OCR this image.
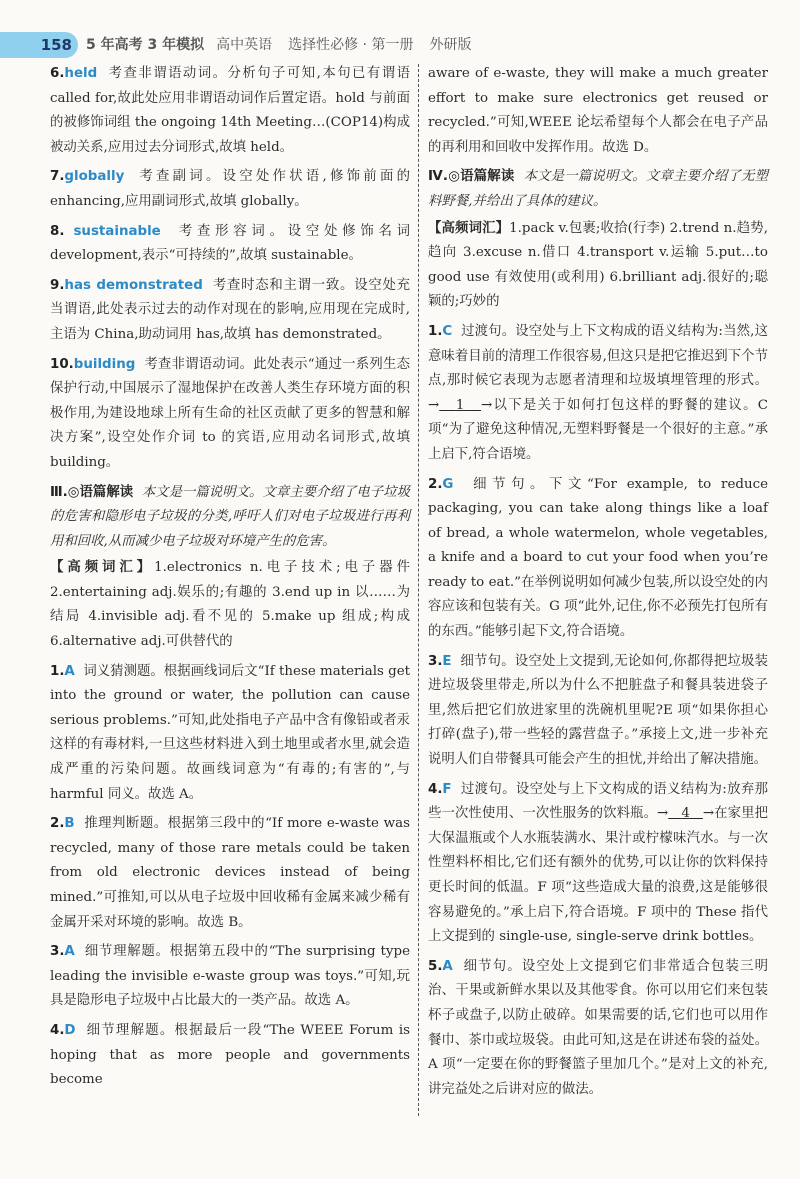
158	5 年高考 3 年模拟 高中英语 选择性必修 · 第一册 外研版
6.held 考查非谓语动词。分析句子可知,本句已有谓语 called for,故此处应用非谓语动词作后置定语。hold 与前面的被修饰词组 the ongoing 14th Meeting…(COP14)构成被动关系,应用过去分词形式,故填 held。
7.globally 考查副词。设空处作状语,修饰前面的 enhancing,应用副词形式,故填 globally。
8. sustainable 考查形容词。设空处修饰名词 development,表示“可持续的”,故填 sustainable。
9.has demonstrated 考查时态和主谓一致。设空处充当谓语,此处表示过去的动作对现在的影响,应用现在完成时,主语为 China,助动词用 has,故填 has demonstrated。
10.building 考查非谓语动词。此处表示“通过一系列生态保护行动,中国展示了湿地保护在改善人类生存环境方面的积极作用,为建设地球上所有生命的社区贡献了更多的智慧和解决方案”,设空处作介词 to 的宾语,应用动名词形式,故填 building。
Ⅲ.◎语篇解读 本文是一篇说明文。文章主要介绍了电子垃圾的危害和隐形电子垃圾的分类,呼吁人们对电子垃圾进行再利用和回收,从而减少电子垃圾对环境产生的危害。
【高频词汇】1.electronics n.电子技术;电子器件 2.entertaining adj.娱乐的;有趣的 3.end up in 以……为结局 4.invisible adj.看不见的 5.make up 组成;构成 6.alternative adj.可供替代的
1.A 词义猜测题。根据画线词后文“If these materials get into the ground or water, the pollution can cause serious problems.”可知,此处指电子产品中含有像铅或者汞这样的有毒材料,一旦这些材料进入到土地里或者水里,就会造成严重的污染问题。故画线词意为“有毒的;有害的”,与 harmful 同义。故选 A。
2.B 推理判断题。根据第三段中的“If more e-waste was recycled, many of those rare metals could be taken from old electronic devices instead of being mined.”可推知,可以从电子垃圾中回收稀有金属来减少稀有金属开采对环境的影响。故选 B。
3.A 细节理解题。根据第五段中的“The surprising type leading the invisible e-waste group was toys.”可知,玩具是隐形电子垃圾中占比最大的一类产品。故选 A。
4.D 细节理解题。根据最后一段“The WEEE Forum is hoping that as more people and governments become
aware of e-waste, they will make a much greater effort to make sure electronics get reused or recycled.”可知,WEEE 论坛希望每个人都会在电子产品的再利用和回收中发挥作用。故选 D。
Ⅳ.◎语篇解读 本文是一篇说明文。文章主要介绍了无塑料野餐,并给出了具体的建议。
【高频词汇】1.pack v.包裹;收拾(行李) 2.trend n.趋势,趋向 3.excuse n.借口 4.transport v.运输 5.put…to good use 有效使用(或利用) 6.brilliant adj.很好的;聪颖的;巧妙的
1.C 过渡句。设空处与上下文构成的语义结构为:当然,这意味着目前的清理工作很容易,但这只是把它推迟到下个节点,那时候它表现为志愿者清理和垃圾填埋管理的形式。→ 1 →以下是关于如何打包这样的野餐的建议。C 项“为了避免这种情况,无塑料野餐是一个很好的主意。”承上启下,符合语境。
2.G 细节句。下文“For example, to reduce packaging, you can take along things like a loaf of bread, a whole watermelon, whole vegetables, a knife and a board to cut your food when you’re ready to eat.”在举例说明如何减少包装,所以设空处的内容应该和包装有关。G 项“此外,记住,你不必预先打包所有的东西。”能够引起下文,符合语境。
3.E 细节句。设空处上文提到,无论如何,你都得把垃圾装进垃圾袋里带走,所以为什么不把脏盘子和餐具装进袋子里,然后把它们放进家里的洗碗机里呢?E 项“如果你担心打碎(盘子),带一些轻的露营盘子。”承接上文,进一步补充说明人们自带餐具可能会产生的担忧,并给出了解决措施。
4.F 过渡句。设空处与上下文构成的语义结构为:放弃那些一次性使用、一次性服务的饮料瓶。→ 4 →在家里把大保温瓶或个人水瓶装满水、果汁或柠檬味汽水。与一次性塑料杯相比,它们还有额外的优势,可以让你的饮料保持更长时间的低温。F 项“这些造成大量的浪费,这是能够很容易避免的。”承上启下,符合语境。F 项中的 These 指代上文提到的 single-use, single-serve drink bottles。
5.A 细节句。设空处上文提到它们非常适合包装三明治、干果或新鲜水果以及其他零食。你可以用它们来包装杯子或盘子,以防止破碎。如果需要的话,它们也可以用作餐巾、茶巾或垃圾袋。由此可知,这是在讲述布袋的益处。A 项“一定要在你的野餐篮子里加几个。”是对上文的补充,讲完益处之后讲对应的做法。
